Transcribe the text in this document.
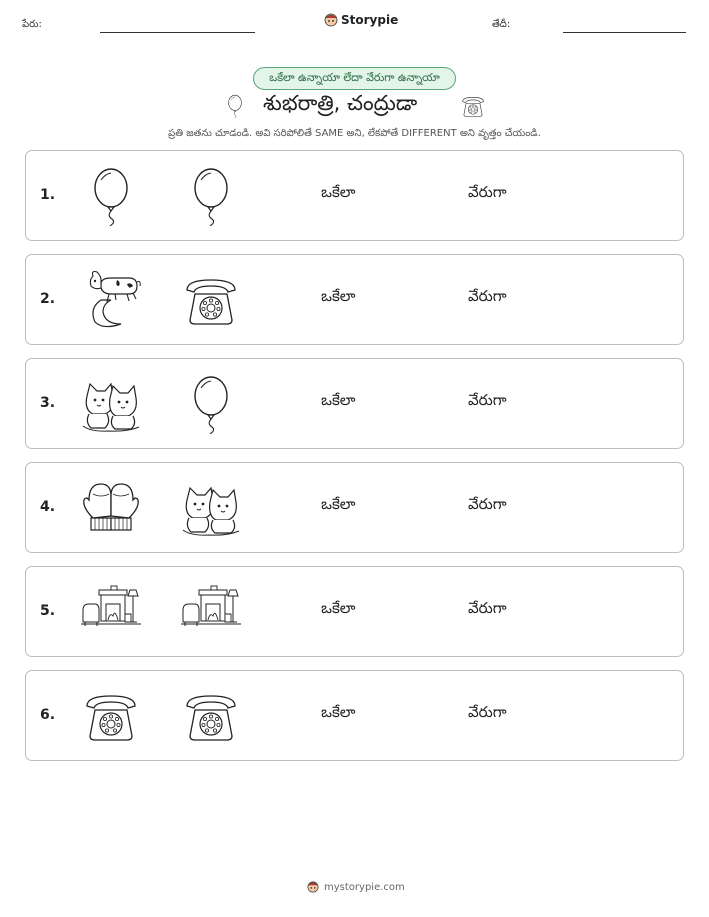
పేరు:	Storypie	తేదీ:
ఒకేలా ఉన్నాయా లేదా వేరుగా ఉన్నాయా
శుభరాత్రి, చంద్రుడా
ప్రతి జతను చూడండి. అవి సరిపోలితే SAME అని, లేకపోతే DIFFERENT అని వృత్తం చేయండి.
1.	ఒకేలా	వేరుగా
2.	ఒకేలా	వేరుగా
3.	ఒకేలా	వేరుగా
4.	ఒకేలా	వేరుగా
5.	ఒకేలా	వేరుగా
6.	ఒకేలా	వేరుగా
mystorypie.com
